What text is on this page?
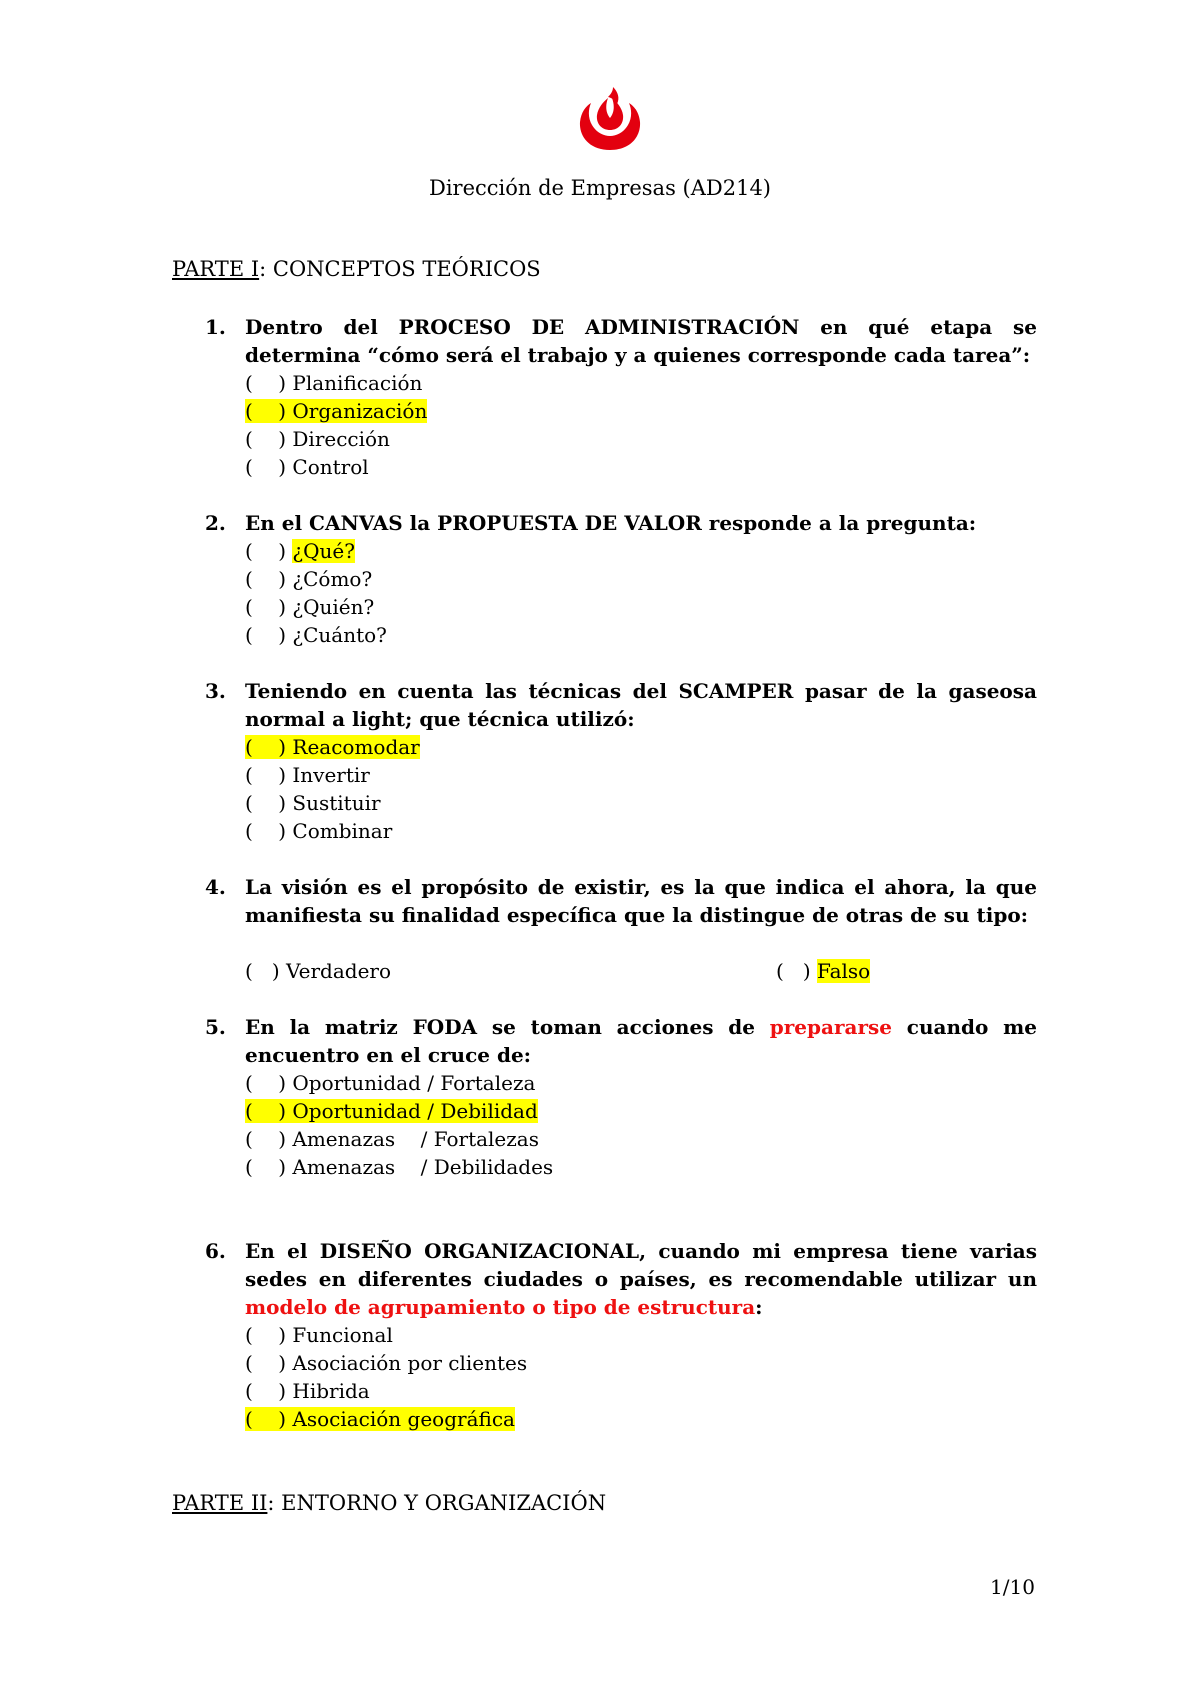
Dirección de Empresas (AD214)
PARTE I: CONCEPTOS TEÓRICOS
1. Dentro del PROCESO DE ADMINISTRACIÓN en qué etapa se determina “cómo será el trabajo y a quienes corresponde cada tarea”:
(    ) Planificación
(    ) Organización
(    ) Dirección
(    ) Control
2. En el CANVAS la PROPUESTA DE VALOR responde a la pregunta:
(    ) ¿Qué?
(    ) ¿Cómo?
(    ) ¿Quién?
(    ) ¿Cuánto?
3. Teniendo en cuenta las técnicas del SCAMPER pasar de la gaseosa normal a light; que técnica utilizó:
(    ) Reacomodar
(    ) Invertir
(    ) Sustituir
(    ) Combinar
4. La visión es el propósito de existir, es la que indica el ahora, la que manifiesta su finalidad específica que la distingue de otras de su tipo:
(   ) Verdadero	(   ) Falso
5. En la matriz FODA se toman acciones de prepararse cuando me encuentro en el cruce de:
(    ) Oportunidad / Fortaleza
(    ) Oportunidad / Debilidad
(    ) Amenazas    / Fortalezas
(    ) Amenazas    / Debilidades
6. En el DISEÑO ORGANIZACIONAL, cuando mi empresa tiene varias sedes en diferentes ciudades o países, es recomendable utilizar un modelo de agrupamiento o tipo de estructura:
(    ) Funcional
(    ) Asociación por clientes
(    ) Hibrida
(    ) Asociación geográfica
PARTE II: ENTORNO Y ORGANIZACIÓN
1/10
